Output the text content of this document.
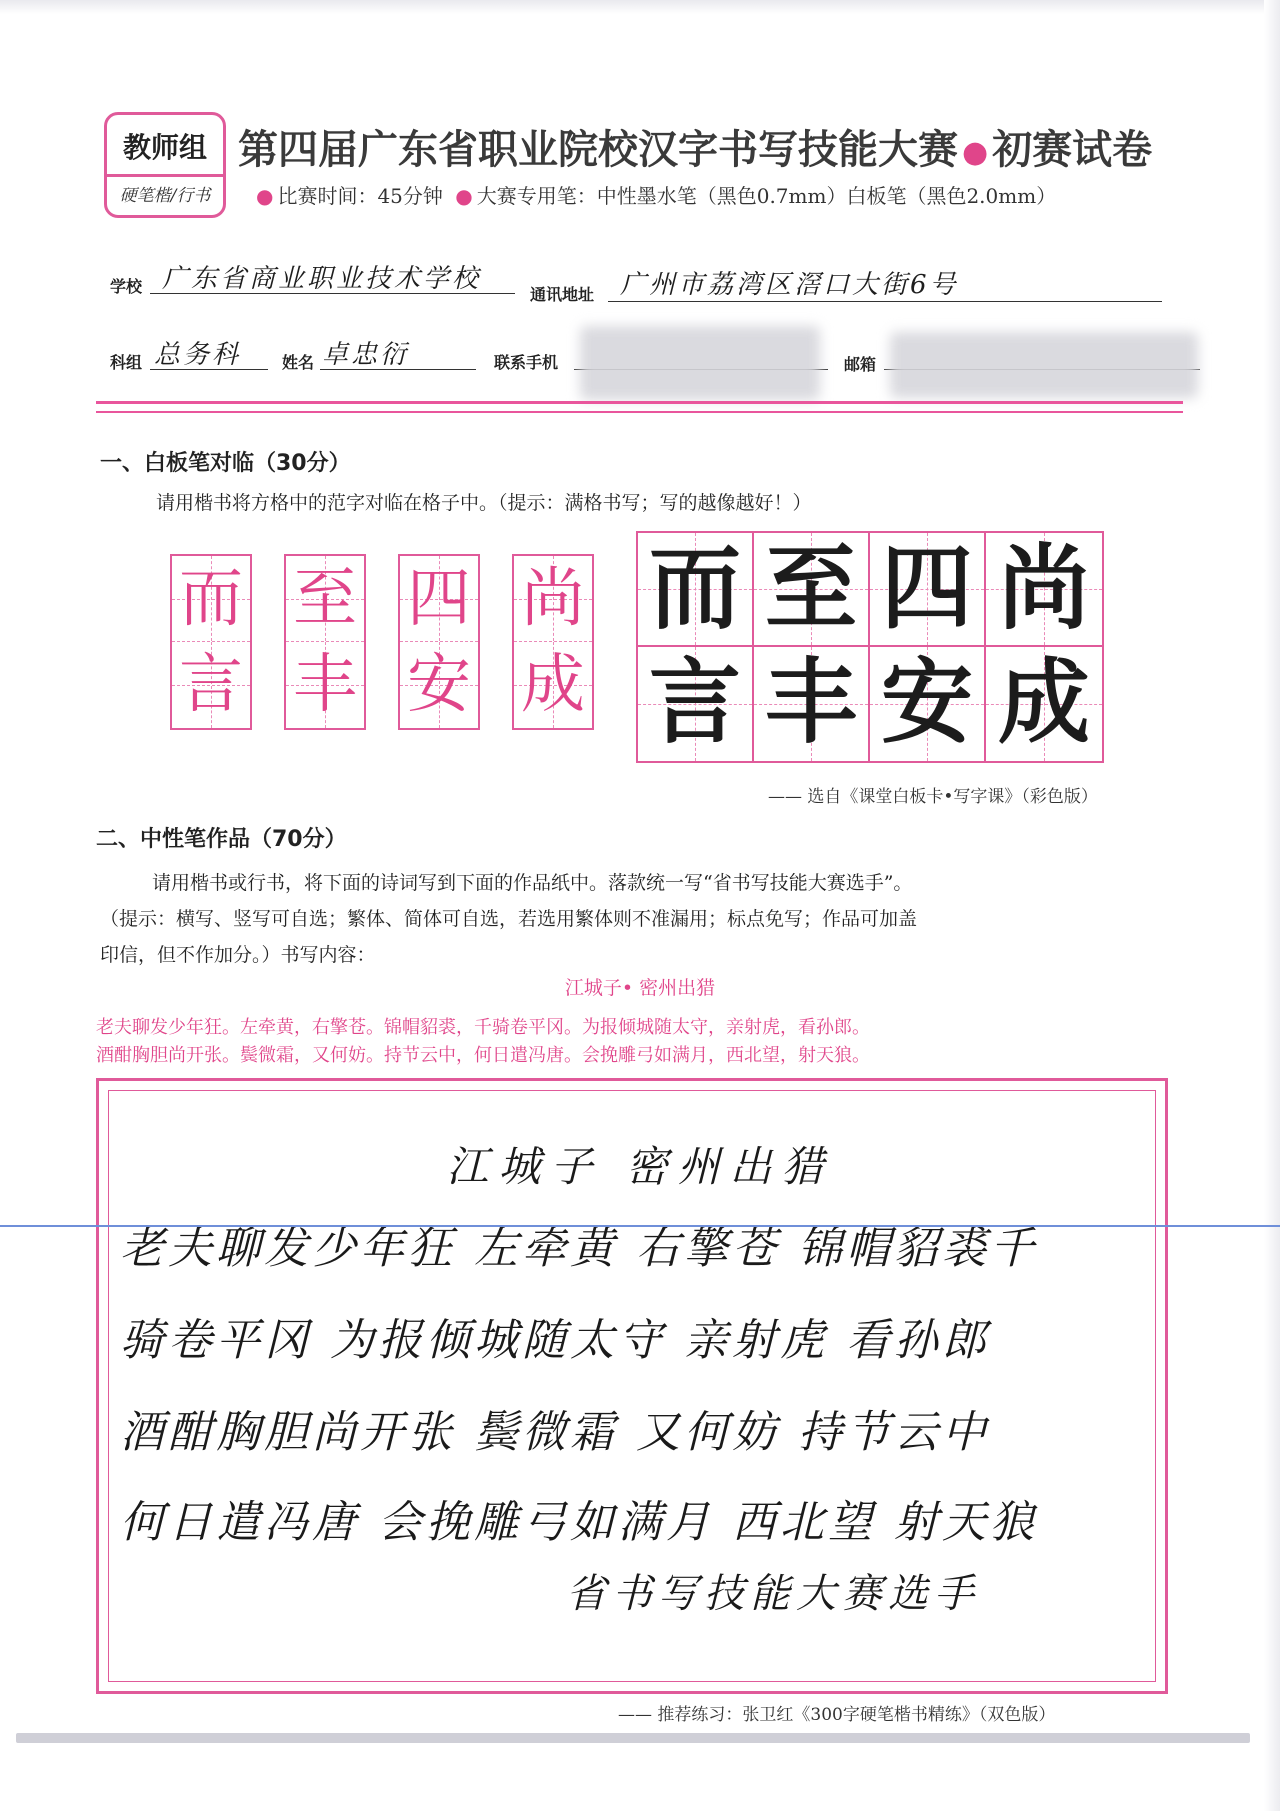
教师组
硬笔楷/行书
第四届广东省职业院校汉字书写技能大赛 ● 初赛试卷
● 比赛时间：45分钟 ● 大赛专用笔：中性墨水笔（黑色0.7mm）白板笔（黑色2.0mm）
学校 广东省商业职业技术学校
通讯地址 广州市荔湾区滘口大街6号
科组 总务科	姓名 卓忠衍	联系手机	邮箱
一、白板笔对临（30分）
请用楷书将方格中的范字对临在格子中。（提示：满格书写；写的越像越好！）
而
言
至
丰
四
安
尚
成
而 至 四 尚
言 丰 安 成
—— 选自《课堂白板卡•写字课》（彩色版）
二、中性笔作品（70分）
请用楷书或行书，将下面的诗词写到下面的作品纸中。落款统一写“省书写技能大赛选手”。
（提示：横写、竖写可自选；繁体、简体可自选，若选用繁体则不准漏用；标点免写；作品可加盖
印信，但不作加分。）书写内容：
江城子• 密州出猎
老夫聊发少年狂。左牵黄，右擎苍。锦帽貂裘，千骑卷平冈。为报倾城随太守，亲射虎，看孙郎。
酒酣胸胆尚开张。鬓微霜，又何妨。持节云中，何日遣冯唐。会挽雕弓如满月，西北望，射天狼。
江城子 密州出猎
老夫聊发少年狂 左牵黄 右擎苍 锦帽貂裘千
骑卷平冈 为报倾城随太守 亲射虎 看孙郎
酒酣胸胆尚开张 鬓微霜 又何妨 持节云中
何日遣冯唐 会挽雕弓如满月 西北望 射天狼
省书写技能大赛选手
—— 推荐练习：张卫红《300字硬笔楷书精练》（双色版）
